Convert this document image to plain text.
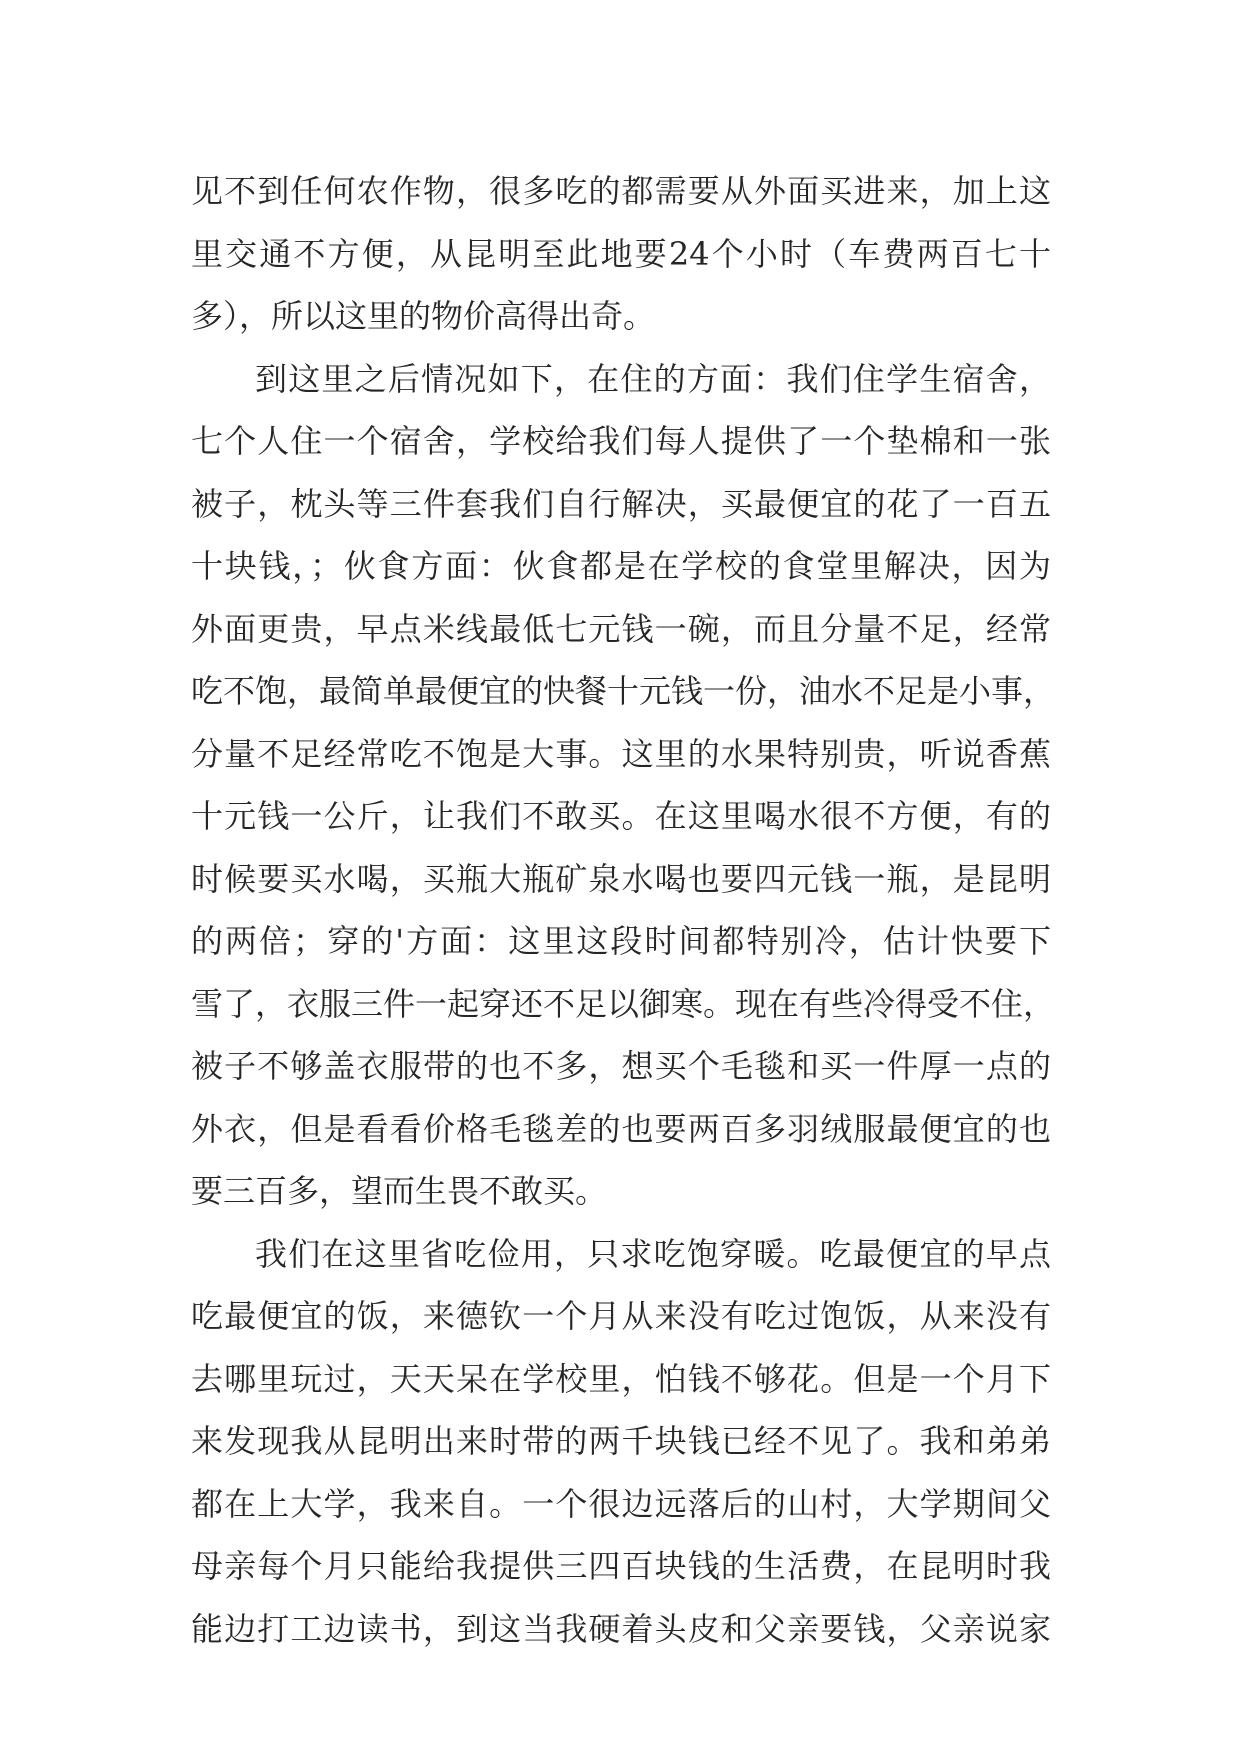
见不到任何农作物，很多吃的都需要从外面买进来，加上这
里交通不方便，从昆明至此地要24个小时（车费两百七十
多），所以这里的物价高得出奇。
到这里之后情况如下，在住的方面：我们住学生宿舍，
七个人住一个宿舍，学校给我们每人提供了一个垫棉和一张
被子，枕头等三件套我们自行解决，买最便宜的花了一百五
十块钱，；伙食方面：伙食都是在学校的食堂里解决，因为
外面更贵，早点米线最低七元钱一碗，而且分量不足，经常
吃不饱，最简单最便宜的快餐十元钱一份，油水不足是小事，
分量不足经常吃不饱是大事。这里的水果特别贵，听说香蕉
十元钱一公斤，让我们不敢买。在这里喝水很不方便，有的
时候要买水喝，买瓶大瓶矿泉水喝也要四元钱一瓶，是昆明
的两倍；穿的'方面：这里这段时间都特别冷，估计快要下
雪了，衣服三件一起穿还不足以御寒。现在有些冷得受不住，
被子不够盖衣服带的也不多，想买个毛毯和买一件厚一点的
外衣，但是看看价格毛毯差的也要两百多羽绒服最便宜的也
要三百多，望而生畏不敢买。
我们在这里省吃俭用，只求吃饱穿暖。吃最便宜的早点
吃最便宜的饭，来德钦一个月从来没有吃过饱饭，从来没有
去哪里玩过，天天呆在学校里，怕钱不够花。但是一个月下
来发现我从昆明出来时带的两千块钱已经不见了。我和弟弟
都在上大学，我来自。一个很边远落后的山村，大学期间父
母亲每个月只能给我提供三四百块钱的生活费，在昆明时我
能边打工边读书，到这当我硬着头皮和父亲要钱，父亲说家
